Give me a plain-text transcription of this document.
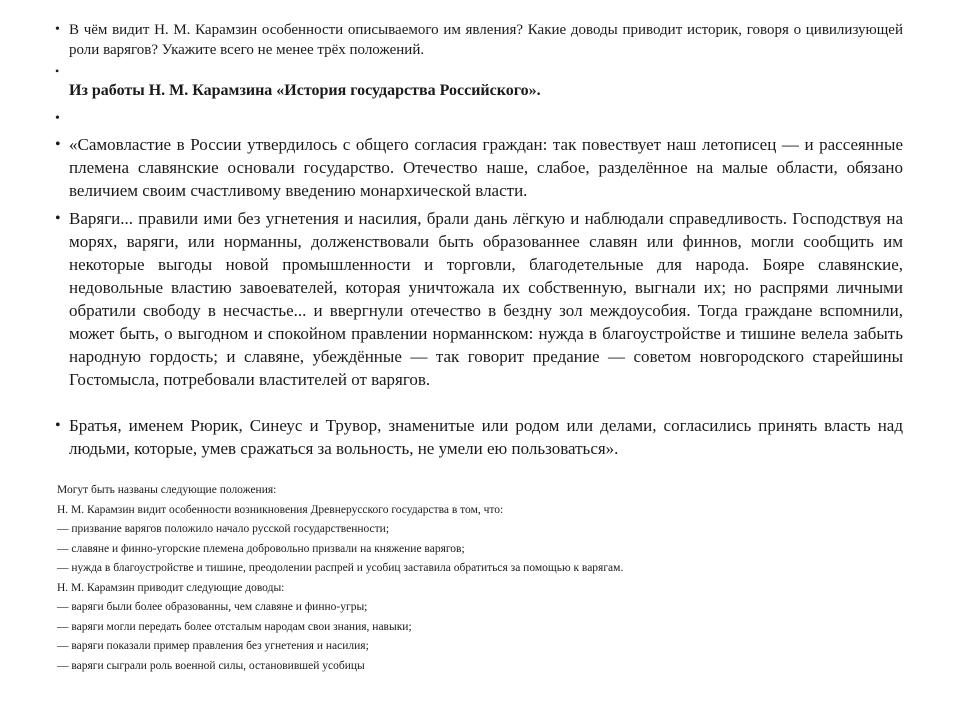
• В чём видит Н. М. Карамзин особенности описываемого им явления? Какие доводы приводит историк, говоря о цивилизующей роли варягов? Укажите всего не менее трёх положений.
•
Из работы Н. М. Карамзина «История государства Российского».
•
• «Самовластие в России утвердилось с общего согласия граждан: так повествует наш летописец — и рассеянные племена славянские основали государство. Отечество наше, слабое, разделённое на малые области, обязано величием своим счастливому введению монархической власти.
• Варяги... правили ими без угнетения и насилия, брали дань лёгкую и наблюдали справедливость. Господствуя на морях, варяги, или норманны, долженствовали быть образованнее славян или финнов, могли сообщить им некоторые выгоды новой промышленности и торговли, благодетельные для народа. Бояре славянские, недовольные властию завоевателей, которая уничтожала их собственную, выгнали их; но распрями личными обратили свободу в несчастье... и ввергнули отечество в бездну зол междоусобия. Тогда граждане вспомнили, может быть, о выгодном и спокойном правлении норманнском: нужда в благоустройстве и тишине велела забыть народную гордость; и славяне, убеждённые — так говорит предание — советом новгородского старейшины Гостомысла, потребовали властителей от варягов.
• Братья, именем Рюрик, Синеус и Трувор, знаменитые или родом или делами, согласились принять власть над людьми, которые, умев сражаться за вольность, не умели ею пользоваться».
Могут быть названы следующие положения:
Н. М. Карамзин видит особенности возникновения Древнерусского государства в том, что:
— призвание варягов положило начало русской государственности;
— славяне и финно-угорские племена добровольно призвали на княжение варягов;
— нужда в благоустройстве и тишине, преодолении распрей и усобиц заставила обратиться за помощью к варягам.
Н. М. Карамзин приводит следующие доводы:
— варяги были более образованны, чем славяне и финно-угры;
— варяги могли передать более отсталым народам свои знания, навыки;
— варяги показали пример правления без угнетения и насилия;
— варяги сыграли роль военной силы, остановившей усобицы
